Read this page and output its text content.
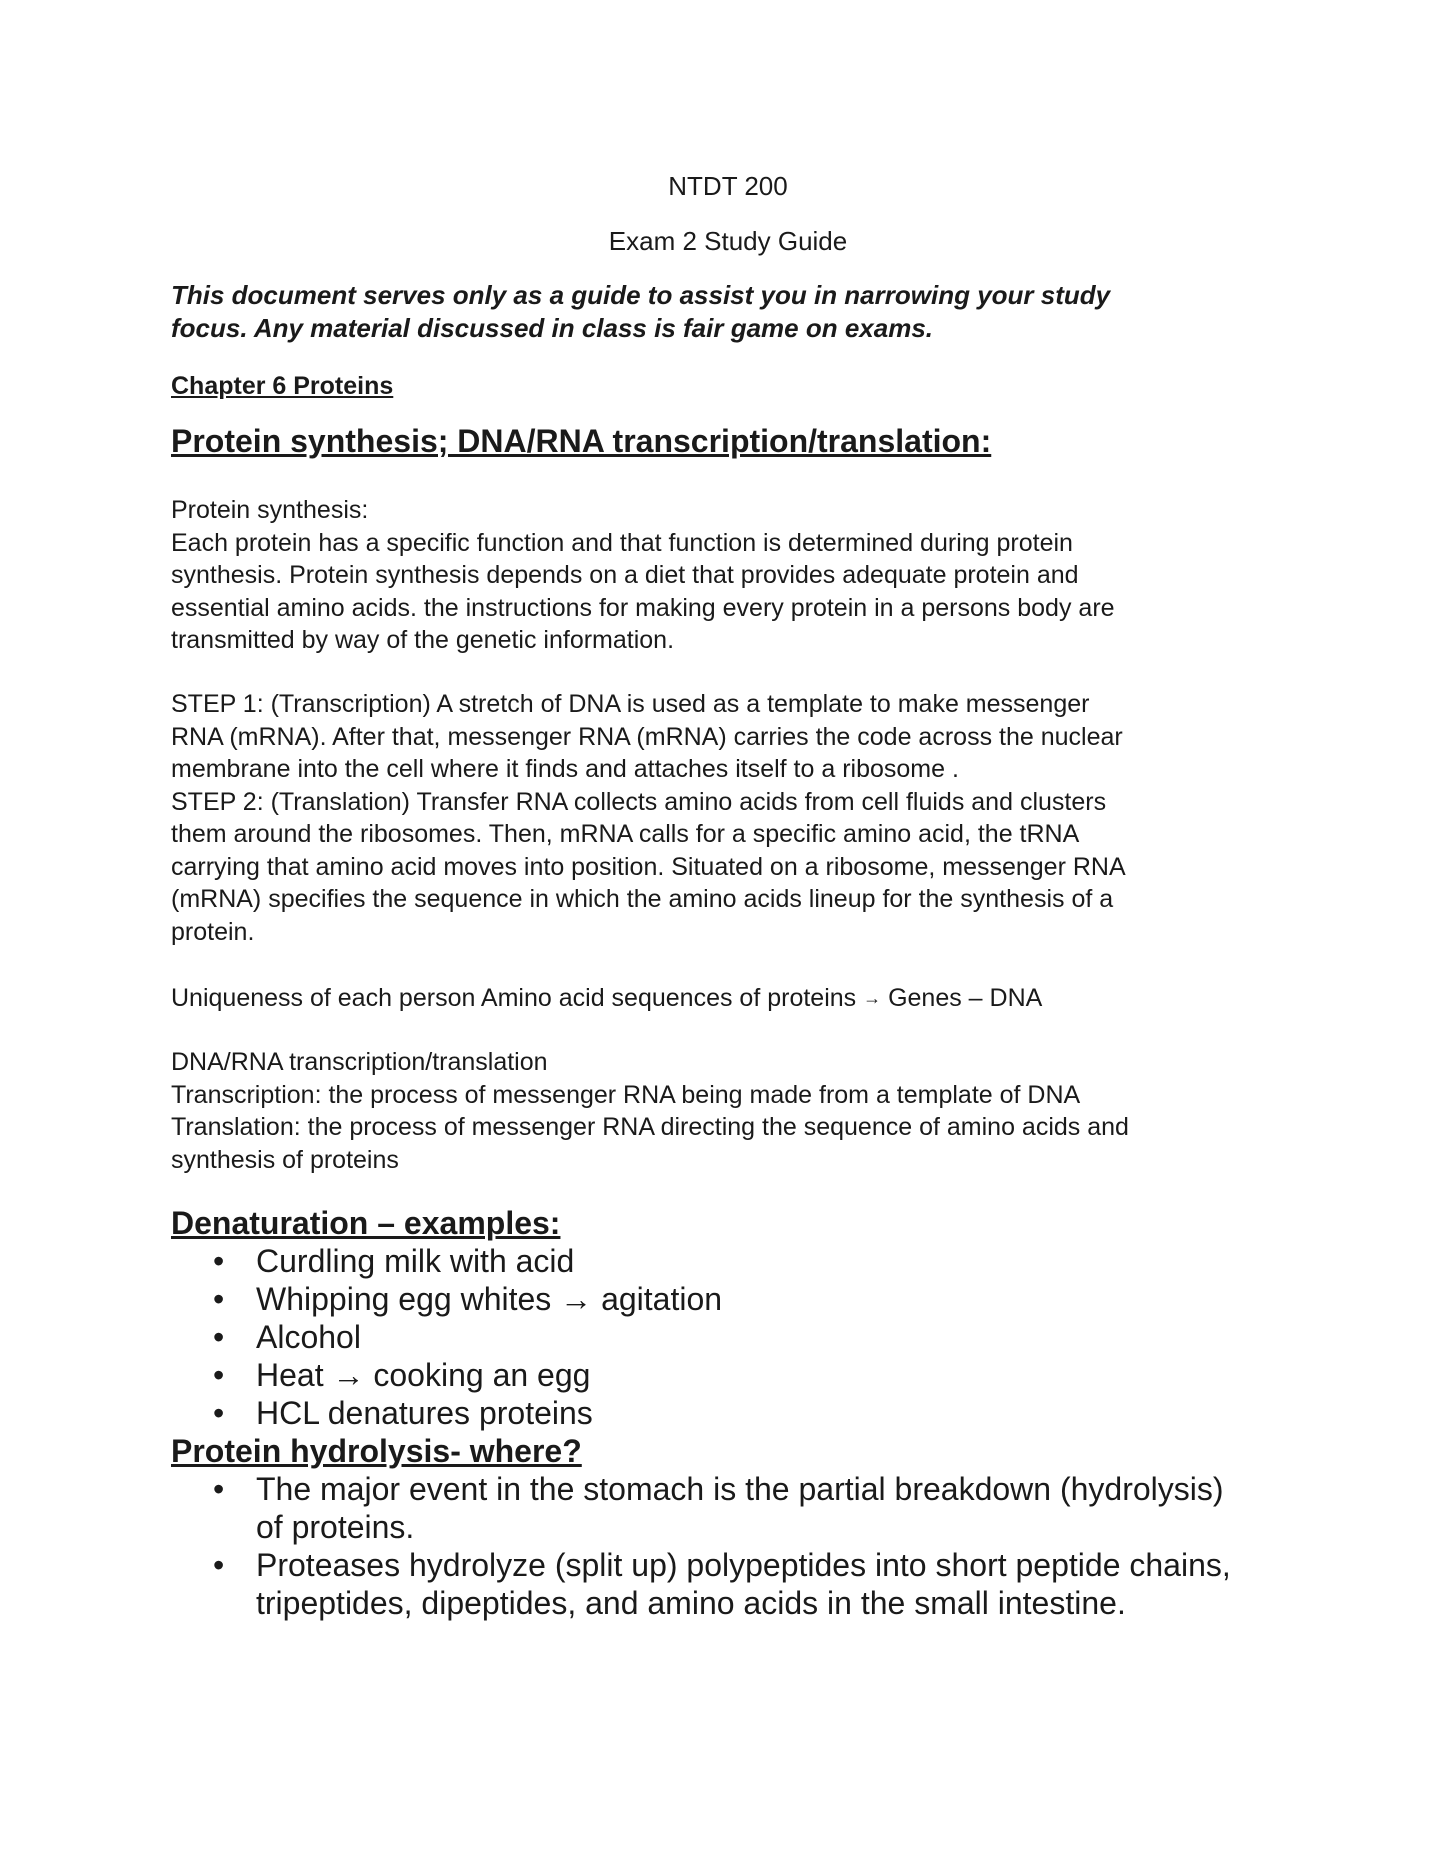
NTDT 200
Exam 2 Study Guide
This document serves only as a guide to assist you in narrowing your study
focus. Any material discussed in class is fair game on exams.
Chapter 6 Proteins
Protein synthesis; DNA/RNA transcription/translation:

Protein synthesis:

Each protein has a specific function and that function is determined during protein

synthesis. Protein synthesis depends on a diet that provides adequate protein and

essential amino acids. the instructions for making every protein in a persons body are

transmitted by way of the genetic information.

STEP 1: (Transcription) A stretch of DNA is used as a template to make messenger

RNA (mRNA). After that, messenger RNA (mRNA) carries the code across the nuclear

membrane into the cell where it finds and attaches itself to a ribosome .

STEP 2: (Translation) Transfer RNA collects amino acids from cell fluids and clusters

them around the ribosomes. Then, mRNA calls for a specific amino acid, the tRNA

carrying that amino acid moves into position. Situated on a ribosome, messenger RNA

(mRNA) specifies the sequence in which the amino acids lineup for the synthesis of a

protein.

Uniqueness of each person Amino acid sequences of proteins → Genes – DNA

DNA/RNA transcription/translation

Transcription: the process of messenger RNA being made from a template of DNA

Translation: the process of messenger RNA directing the sequence of amino acids and

synthesis of proteins

Denaturation – examples:
• Curdling milk with acid
• Whipping egg whites → agitation
• Alcohol
• Heat → cooking an egg
• HCL denatures proteins
Protein hydrolysis- where?
• The major event in the stomach is the partial breakdown (hydrolysis)
of proteins.
• Proteases hydrolyze (split up) polypeptides into short peptide chains,
tripeptides, dipeptides, and amino acids in the small intestine.
